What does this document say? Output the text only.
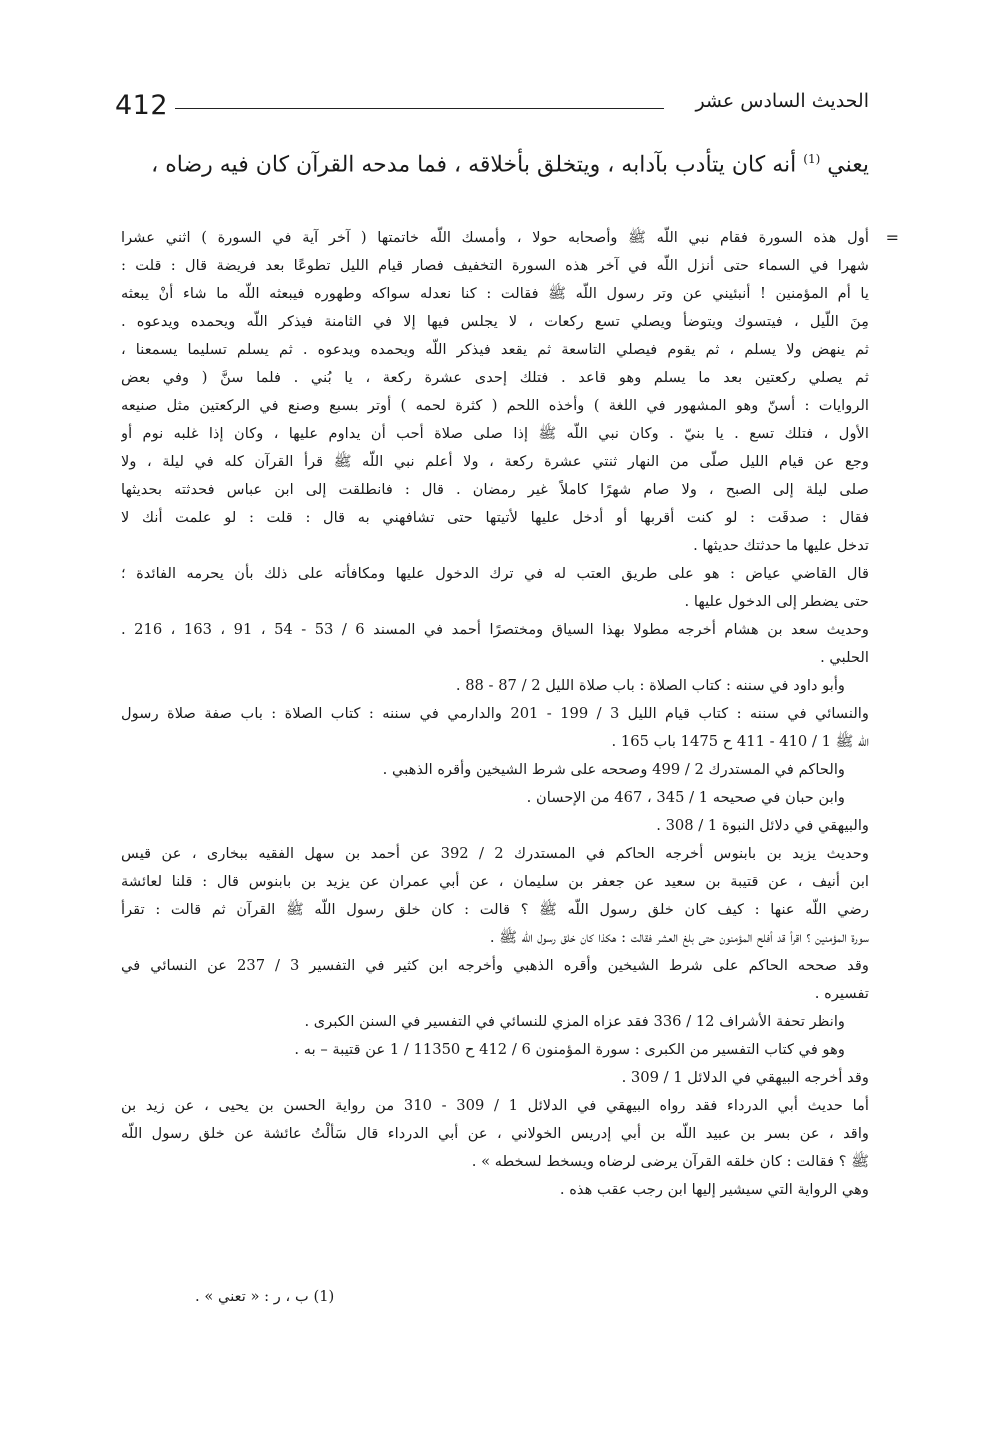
412	الحديث السادس عشر
يعني $^{(1)}$ أنه كان يتأدب بآدابه ، ويتخلق بأخلاقه ، فما مدحه القرآن كان فيه رضاه ،
=
أول هذه السورة فقام نبي اللّه ﷺ وأصحابه حولا ، وأمسك اللّه خاتمتها ( آخر آية في السورة ) اثني عشرا
شهرا في السماء حتى أنزل اللّه في آخر هذه السورة التخفيف فصار قيام الليل تطوعًا بعد فريضة قال : قلت :
يا أم المؤمنين ! أنبئيني عن وتر رسول اللّه ﷺ فقالت : كنا نعدله سواكه وطهوره فيبعثه اللّه ما شاء أنْ يبعثه
مِنَ اللّيل ، فيتسوك ويتوضأ ويصلي تسع ركعات ، لا يجلس فيها إلا في الثامنة فيذكر اللّه ويحمده ويدعوه .
ثم ينهض ولا يسلم ، ثم يقوم فيصلي التاسعة ثم يقعد فيذكر اللّه ويحمده ويدعوه . ثم يسلم تسليما يسمعنا ،
ثم يصلي ركعتين بعد ما يسلم وهو قاعد . فتلك إحدى عشرة ركعة ، يا بُني . فلما سنَّ ( وفي بعض
الروايات : أسنّ وهو المشهور في اللغة ) وأخذه اللحم ( كثرة لحمه ) أوتر بسبع وصنع في الركعتين مثل صنيعه
الأول ، فتلك تسع . يا بنيّ . وكان نبي اللّه ﷺ إذا صلى صلاة أحب أن يداوم عليها ، وكان إذا غلبه نوم أو
وجع عن قيام الليل صلّى من النهار ثنتي عشرة ركعة ، ولا أعلم نبي اللّه ﷺ قرأ القرآن كله في ليلة ، ولا
صلى ليلة إلى الصبح ، ولا صام شهرًا كاملاً غير رمضان . قال : فانطلقت إلى ابن عباس فحدثته بحديثها
فقال : صدقَت : لو كنت أقربها أو أدخل عليها لأتيتها حتى تشافهني به قال : قلت : لو علمت أنك لا
تدخل عليها ما حدثتك حديثها .
قال القاضي عياض : هو على طريق العتب له في ترك الدخول عليها ومكافأته على ذلك بأن يحرمه الفائدة ؛
حتى يضطر إلى الدخول عليها .
وحديث سعد بن هشام أخرجه مطولا بهذا السياق ومختصرًا أحمد في المسند 6 / 53 - 54 ، 91 ، 163 ، 216 .
الحلبي .
وأبو داود في سننه : كتاب الصلاة : باب صلاة الليل 2 / 87 - 88 .
والنسائي في سننه : كتاب قيام الليل 3 / 199 - 201 والدارمي في سننه : كتاب الصلاة : باب صفة صلاة رسول
اللّه ﷺ 1 / 410 - 411 ح 1475 باب 165 .
والحاكم في المستدرك 2 / 499 وصححه على شرط الشيخين وأقره الذهبي .
وابن حبان في صحيحه 1 / 345 ، 467 من الإحسان .
والبيهقي في دلائل النبوة 1 / 308 .
وحديث يزيد بن بابنوس أخرجه الحاكم في المستدرك 2 / 392 عن أحمد بن سهل الفقيه ببخارى ، عن قيس
ابن أنيف ، عن قتيبة بن سعيد عن جعفر بن سليمان ، عن أبي عمران عن يزيد بن بابنوس قال : قلنا لعائشة
رضي اللّه عنها : كيف كان خلق رسول اللّه ﷺ ؟ قالت : كان خلق رسول اللّه ﷺ القرآن ثم قالت : تقرأ
سورة المؤمنين ؟ اقرأ قد أفلح المؤمنون حتى بلغ العشر فقالت : هكذا كان خلق رسول اللّه ﷺ .
وقد صححه الحاكم على شرط الشيخين وأقره الذهبي وأخرجه ابن كثير في التفسير 3 / 237 عن النسائي في
تفسيره .
وانظر تحفة الأشراف 12 / 336 فقد عزاه المزي للنسائي في التفسير في السنن الكبرى .
وهو في كتاب التفسير من الكبرى : سورة المؤمنون 6 / 412 ح 11350 / 1 عن قتيبة – به .
وقد أخرجه البيهقي في الدلائل 1 / 309 .
أما حديث أبي الدرداء فقد رواه البيهقي في الدلائل 1 / 309 - 310 من رواية الحسن بن يحيى ، عن زيد بن
واقد ، عن بسر بن عبيد اللّه بن أبي إدريس الخولاني ، عن أبي الدرداء قال سَألْتُ عائشة عن خلق رسول اللّه
ﷺ ؟ فقالت : كان خلقه القرآن يرضى لرضاه ويسخط لسخطه » .
وهي الرواية التي سيشير إليها ابن رجب عقب هذه .
(1) ب ، ر : « تعني » .
